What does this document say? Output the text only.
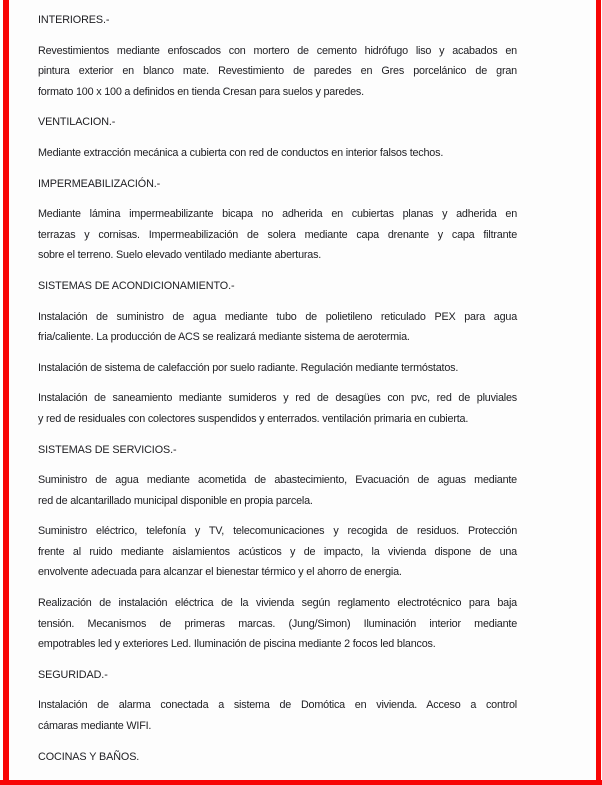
INTERIORES.-
Revestimientos mediante enfoscados con mortero de cemento hidrófugo liso y acabados en
pintura exterior en blanco mate. Revestimiento de paredes en Gres porcelánico de gran
formato 100 x 100 a definidos en tienda Cresan para suelos y paredes.
VENTILACION.-
Mediante extracción mecánica a cubierta con red de conductos en interior falsos techos.
IMPERMEABILIZACIÓN.-
Mediante lámina impermeabilizante bicapa no adherida en cubiertas planas y adherida en
terrazas y cornisas. Impermeabilización de solera mediante capa drenante y capa filtrante
sobre el terreno. Suelo elevado ventilado mediante aberturas.
SISTEMAS DE ACONDICIONAMIENTO.-
Instalación de suministro de agua mediante tubo de polietileno reticulado PEX para agua
fria/caliente. La producción de ACS se realizará mediante sistema de aerotermia.
Instalación de sistema de calefacción por suelo radiante. Regulación mediante termóstatos.
Instalación de saneamiento mediante sumideros y red de desagües con pvc, red de pluviales
y red de residuales con colectores suspendidos y enterrados. ventilación primaria en cubierta.
SISTEMAS DE SERVICIOS.-
Suministro de agua mediante acometida de abastecimiento, Evacuación de aguas mediante
red de alcantarillado municipal disponible en propia parcela.
Suministro eléctrico, telefonía y TV, telecomunicaciones y recogida de residuos. Protección
frente al ruido mediante aislamientos acústicos y de impacto, la vivienda dispone de una
envolvente adecuada para alcanzar el bienestar térmico y el ahorro de energia.
Realización de instalación eléctrica de la vivienda según reglamento electrotécnico para baja
tensión. Mecanismos de primeras marcas. (Jung/Simon) Iluminación interior mediante
empotrables led y exteriores Led. Iluminación de piscina mediante 2 focos led blancos.
SEGURIDAD.-
Instalación de alarma conectada a sistema de Domótica en vivienda. Acceso a control
cámaras mediante WIFI.
COCINAS Y BAÑOS.
